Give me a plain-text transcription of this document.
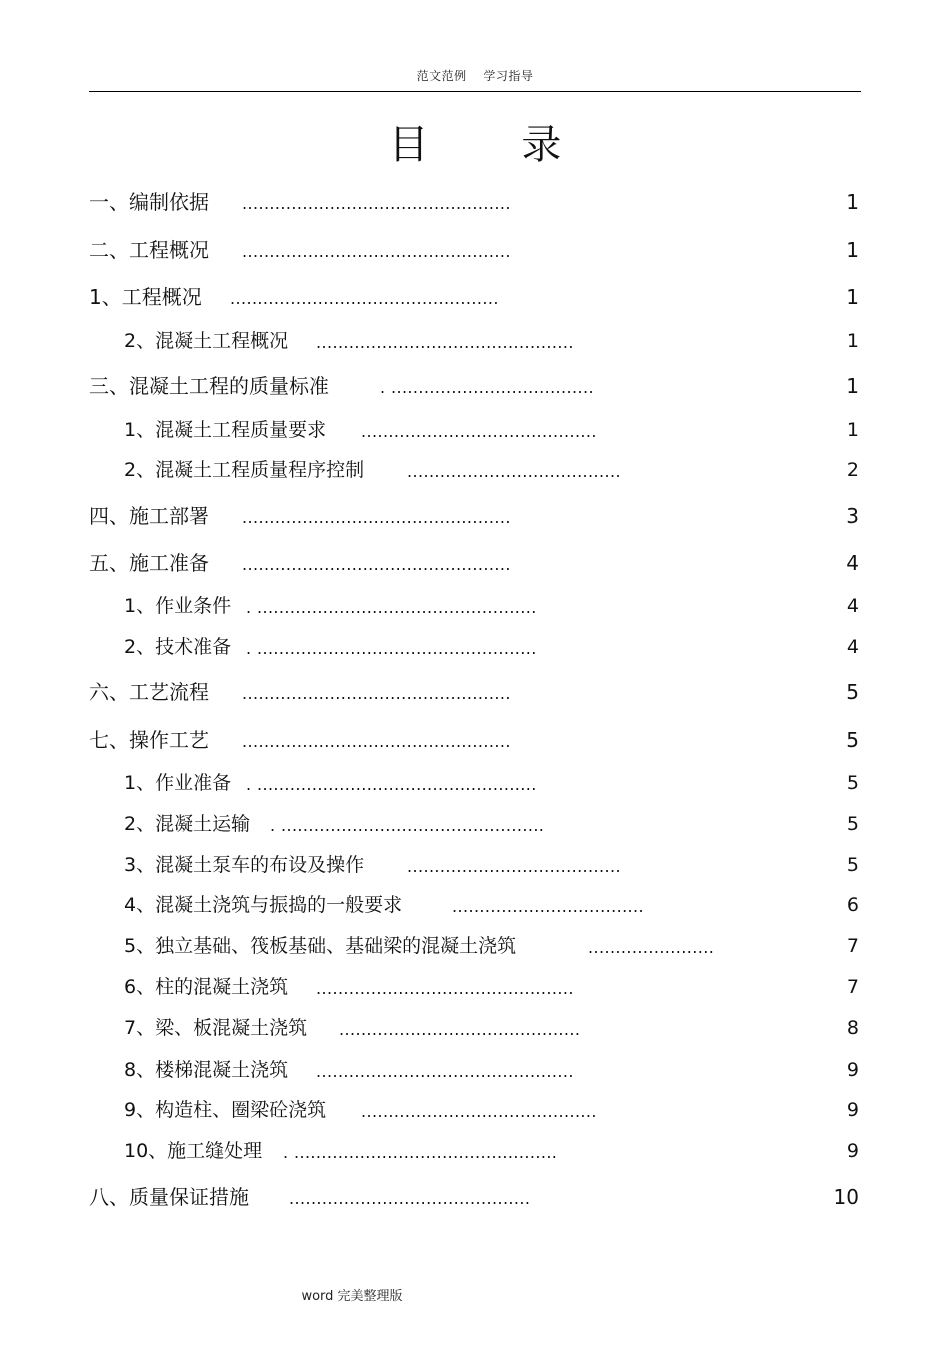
范文范例　 学习指导
目 录
一、编制依据 .................................................	1
二、工程概况 .................................................	1
1、工程概况 .................................................	1
2、混凝土工程概况 ...............................................	1
三、混凝土工程的质量标准	. .....................................	1
1、混凝土工程质量要求 ...........................................	1
2、混凝土工程质量程序控制	.......................................	2
四、施工部署 .................................................	3
五、施工准备 .................................................	4
1、作业条件 . ...................................................	4
2、技术准备 . ...................................................	4
六、工艺流程 .................................................	5
七、操作工艺 .................................................	5
1、作业准备 . ...................................................	5
2、混凝土运输 . ................................................	5
3、混凝土泵车的布设及操作	.......................................	5
4、混凝土浇筑与振捣的一般要求	...................................	6
5、独立基础、筏板基础、基础梁的混凝土浇筑	.......................	7
6、柱的混凝土浇筑 ...............................................	7
7、梁、板混凝土浇筑 ............................................	8
8、楼梯混凝土浇筑 ...............................................	9
9、构造柱、圈梁砼浇筑 ...........................................	9
10、施工缝处理 . ................................................	9
八、质量保证措施	............................................	10
word 完美整理版
